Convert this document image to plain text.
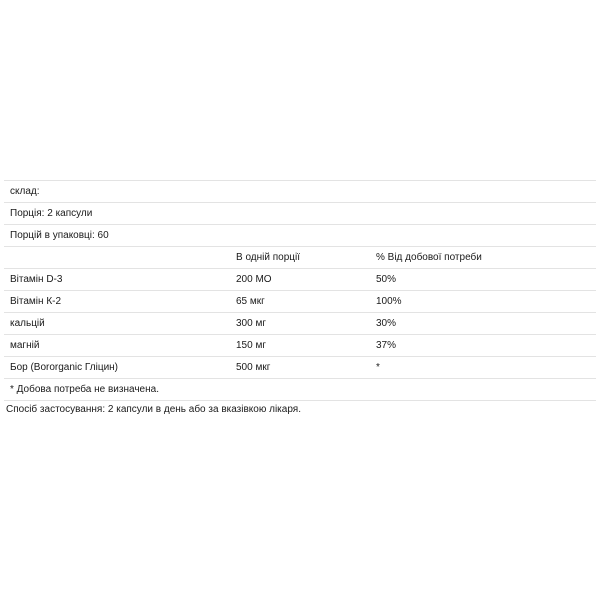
склад:		
Порція: 2 капсули		
Порцій в упаковці: 60		
	В одній порції	% Від добової потреби
Вітамін D-3	200 МО	50%
Вітамін К-2	65 мкг	100%
кальцій	300 мг	30%
магній	150 мг	37%
Бор (Bororganic Гліцин)	500 мкг	*
* Добова потреба не визначена.		
Спосіб застосування: 2 капсули в день або за вказівкою лікаря.
